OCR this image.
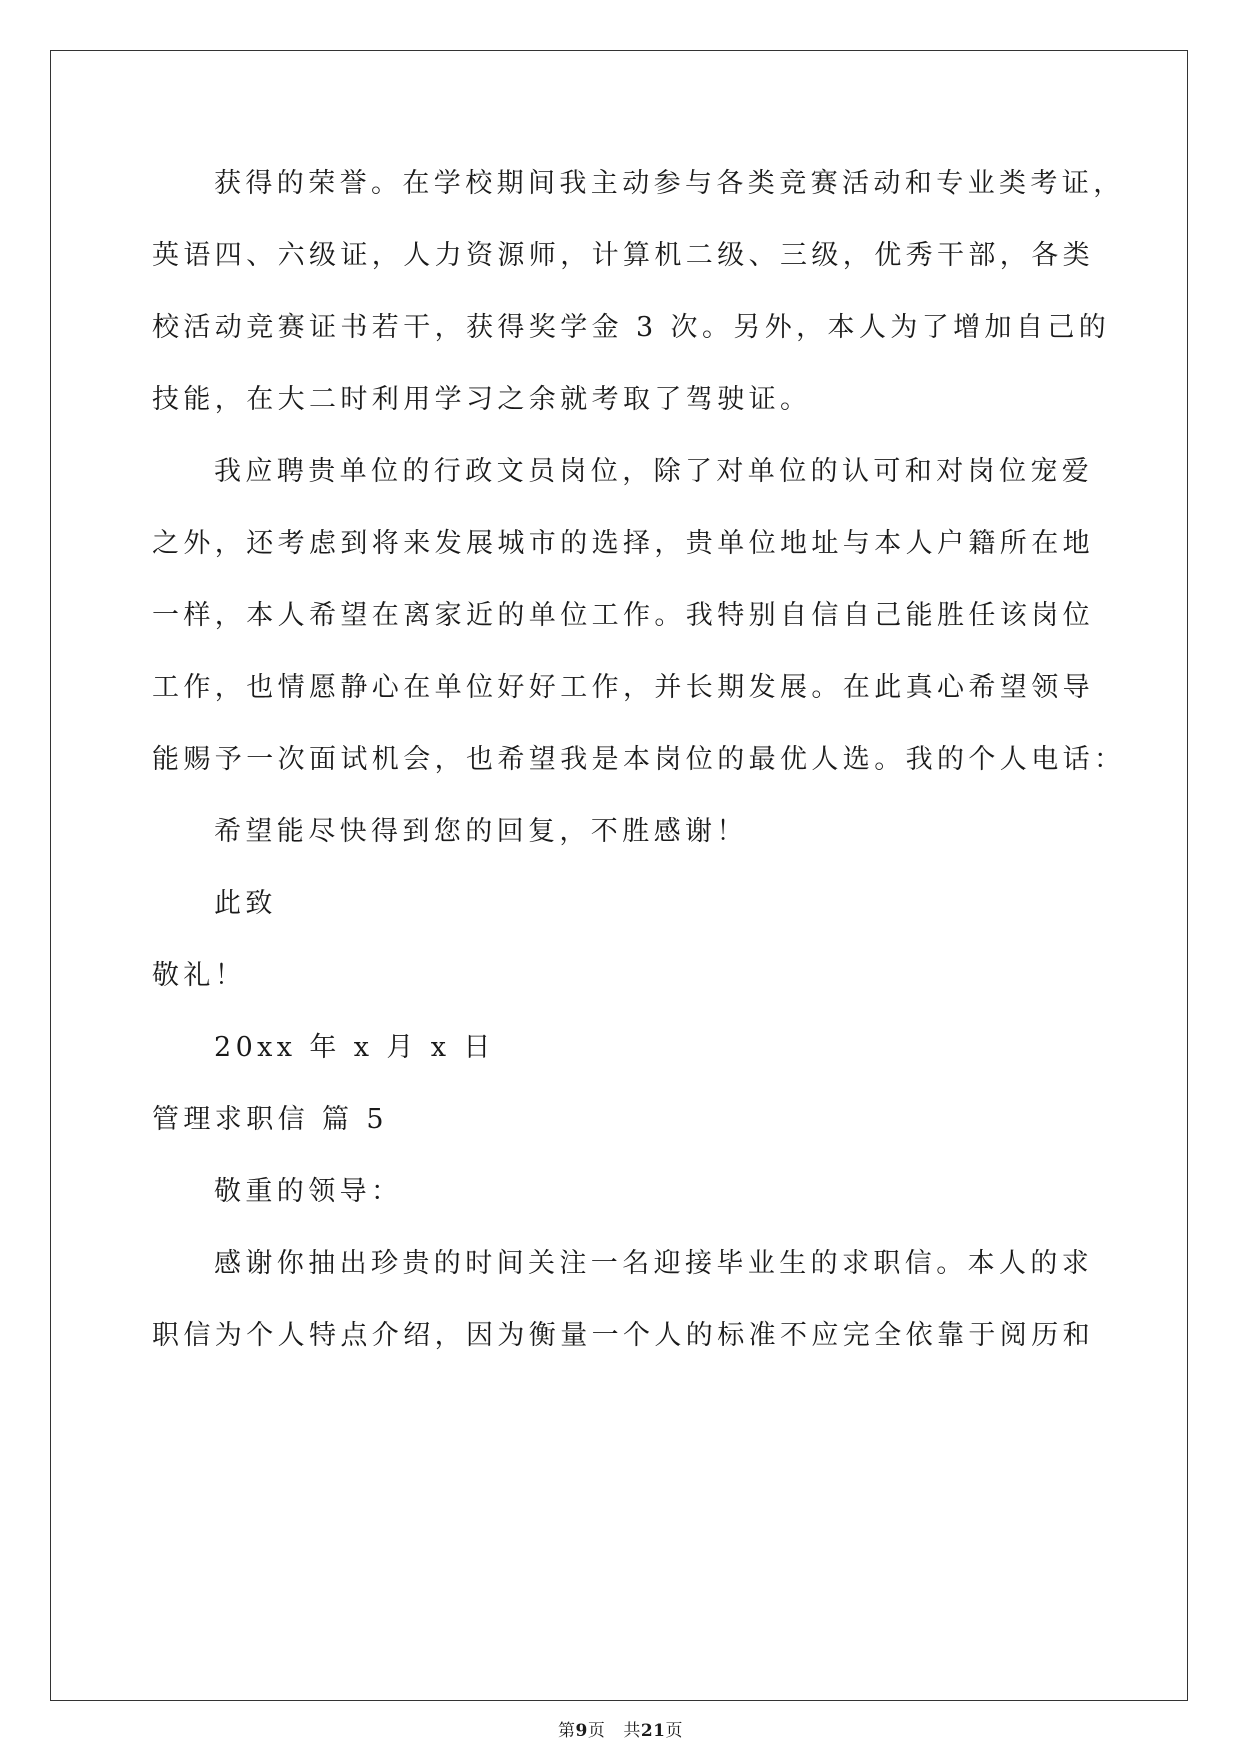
获得的荣誉。在学校期间我主动参与各类竞赛活动和专业类考证，
英语四、六级证，人力资源师，计算机二级、三级，优秀干部，各类
校活动竞赛证书若干，获得奖学金 3 次。另外，本人为了增加自己的
技能，在大二时利用学习之余就考取了驾驶证。
我应聘贵单位的行政文员岗位，除了对单位的认可和对岗位宠爱
之外，还考虑到将来发展城市的选择，贵单位地址与本人户籍所在地
一样，本人希望在离家近的单位工作。我特别自信自己能胜任该岗位
工作，也情愿静心在单位好好工作，并长期发展。在此真心希望领导
能赐予一次面试机会，也希望我是本岗位的最优人选。我的个人电话：
希望能尽快得到您的回复，不胜感谢！
此致
敬礼！
20xx 年 x 月 x 日
管理求职信 篇 5
敬重的领导：
感谢你抽出珍贵的时间关注一名迎接毕业生的求职信。本人的求
职信为个人特点介绍，因为衡量一个人的标准不应完全依靠于阅历和
第9页 共21页
